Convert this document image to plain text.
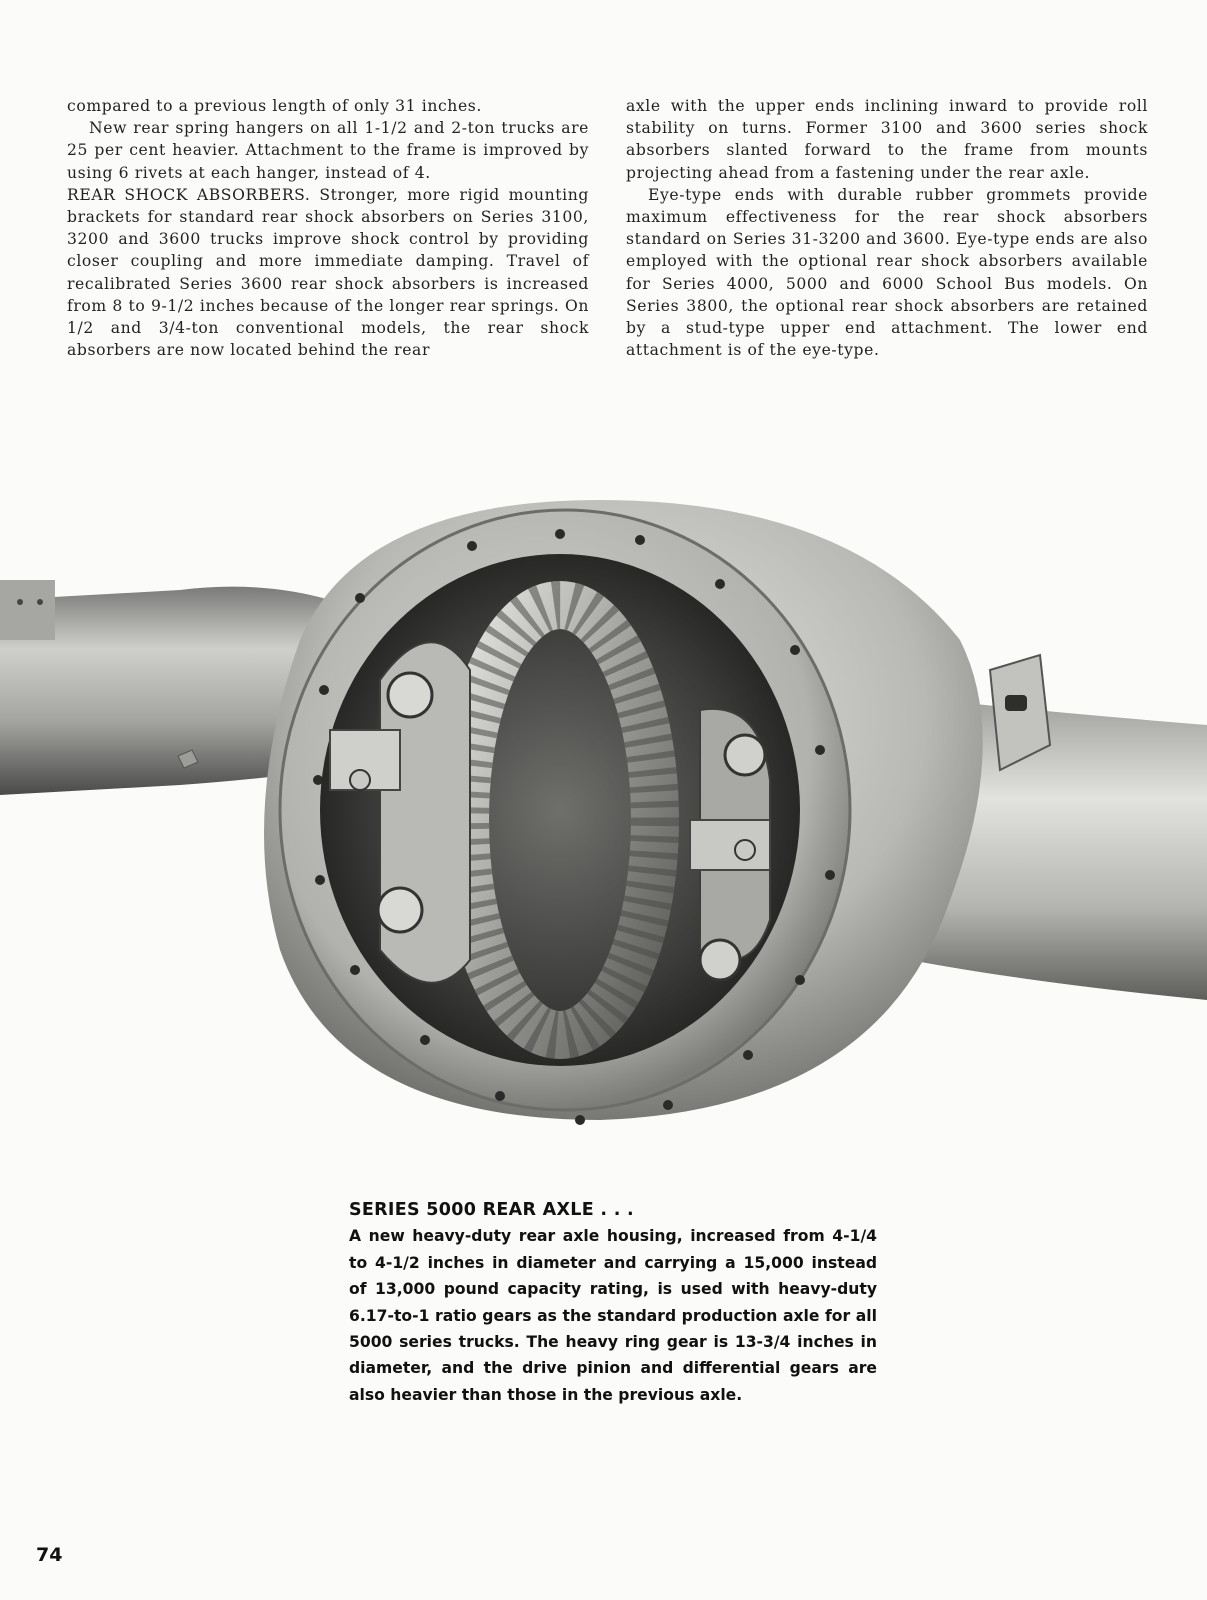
compared to a previous length of only 31 inches.

New rear spring hangers on all 1-1/2 and 2-ton trucks are 25 per cent heavier. Attachment to the frame is improved by using 6 rivets at each hanger, instead of 4.

REAR SHOCK ABSORBERS. Stronger, more rigid mounting brackets for standard rear shock absorbers on Series 3100, 3200 and 3600 trucks improve shock control by providing closer coupling and more immediate damping. Travel of recalibrated Series 3600 rear shock absorbers is increased from 8 to 9-1/2 inches because of the longer rear springs. On 1/2 and 3/4-ton conventional models, the rear shock absorbers are now located behind the rear

axle with the upper ends inclining inward to provide roll stability on turns. Former 3100 and 3600 series shock absorbers slanted forward to the frame from mounts projecting ahead from a fastening under the rear axle.

Eye-type ends with durable rubber grommets provide maximum effectiveness for the rear shock absorbers standard on Series 31-3200 and 3600. Eye-type ends are also employed with the optional rear shock absorbers available for Series 4000, 5000 and 6000 School Bus models. On Series 3800, the optional rear shock absorbers are retained by a stud-type upper end attachment. The lower end attachment is of the eye-type.

SERIES 5000 REAR AXLE . . .
A new heavy-duty rear axle housing, increased from 4-1/4 to 4-1/2 inches in diameter and carrying a 15,000 instead of 13,000 pound capacity rating, is used with heavy-duty 6.17-to-1 ratio gears as the standard production axle for all 5000 series trucks. The heavy ring gear is 13-3/4 inches in diameter, and the drive pinion and differential gears are also heavier than those in the previous axle.
74
